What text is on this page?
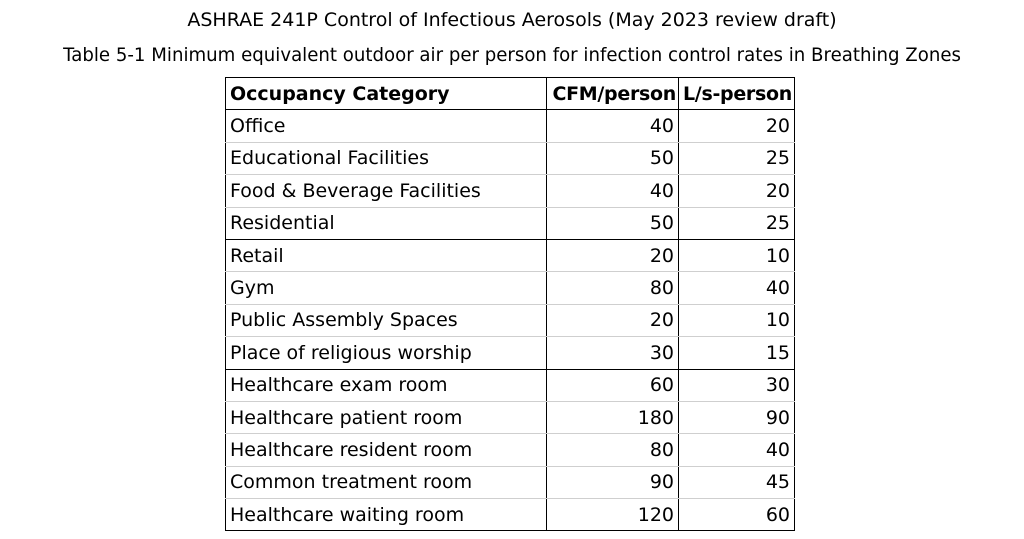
ASHRAE 241P Control of Infectious Aerosols (May 2023 review draft)
Table 5-1 Minimum equivalent outdoor air per person for infection control rates in Breathing Zones
Occupancy Category	CFM/person	L/s-person
Office	40	20
Educational Facilities	50	25
Food & Beverage Facilities	40	20
Residential	50	25
Retail	20	10
Gym	80	40
Public Assembly Spaces	20	10
Place of religious worship	30	15
Healthcare exam room	60	30
Healthcare patient room	180	90
Healthcare resident room	80	40
Common treatment room	90	45
Healthcare waiting room	120	60
